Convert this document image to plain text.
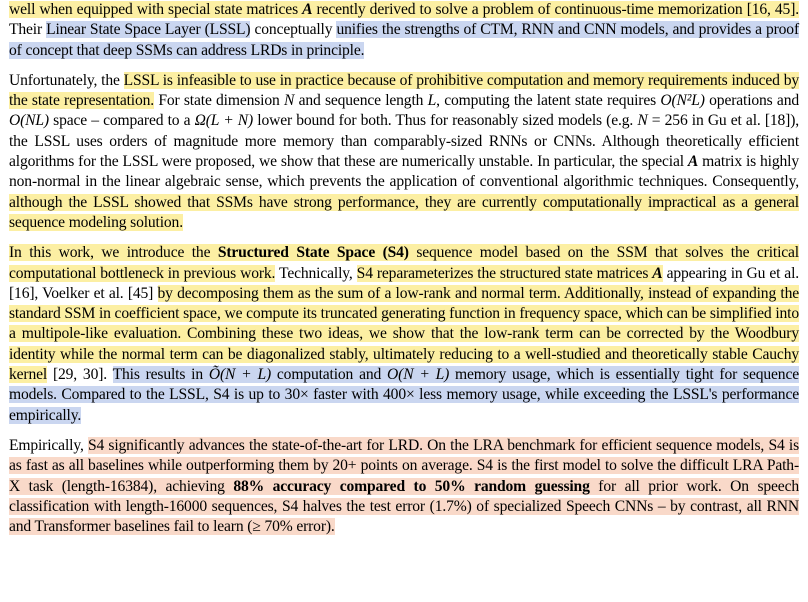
well when equipped with special state matrices A recently derived to solve a problem of continuous-time memorization [16, 45]. Their Linear State Space Layer (LSSL) conceptually unifies the strengths of CTM, RNN and CNN models, and provides a proof of concept that deep SSMs can address LRDs in principle.

Unfortunately, the LSSL is infeasible to use in practice because of prohibitive computation and memory requirements induced by the state representation. For state dimension N and sequence length L, computing the latent state requires O(N²L) operations and O(NL) space – compared to a Ω(L + N) lower bound for both. Thus for reasonably sized models (e.g. N = 256 in Gu et al. [18]), the LSSL uses orders of magnitude more memory than comparably-sized RNNs or CNNs. Although theoretically efficient algorithms for the LSSL were proposed, we show that these are numerically unstable. In particular, the special A matrix is highly non-normal in the linear algebraic sense, which prevents the application of conventional algorithmic techniques. Consequently, although the LSSL showed that SSMs have strong performance, they are currently computationally impractical as a general sequence modeling solution.

In this work, we introduce the Structured State Space (S4) sequence model based on the SSM that solves the critical computational bottleneck in previous work. Technically, S4 reparameterizes the structured state matrices A appearing in Gu et al. [16], Voelker et al. [45] by decomposing them as the sum of a low-rank and normal term. Additionally, instead of expanding the standard SSM in coefficient space, we compute its truncated generating function in frequency space, which can be simplified into a multipole-like evaluation. Combining these two ideas, we show that the low-rank term can be corrected by the Woodbury identity while the normal term can be diagonalized stably, ultimately reducing to a well-studied and theoretically stable Cauchy kernel [29, 30]. This results in Õ(N + L) computation and O(N + L) memory usage, which is essentially tight for sequence models. Compared to the LSSL, S4 is up to 30× faster with 400× less memory usage, while exceeding the LSSL's performance empirically.

Empirically, S4 significantly advances the state-of-the-art for LRD. On the LRA benchmark for efficient sequence models, S4 is as fast as all baselines while outperforming them by 20+ points on average. S4 is the first model to solve the difficult LRA Path-X task (length-16384), achieving 88% accuracy compared to 50% random guessing for all prior work. On speech classification with length-16000 sequences, S4 halves the test error (1.7%) of specialized Speech CNNs – by contrast, all RNN and Transformer baselines fail to learn (≥ 70% error).
